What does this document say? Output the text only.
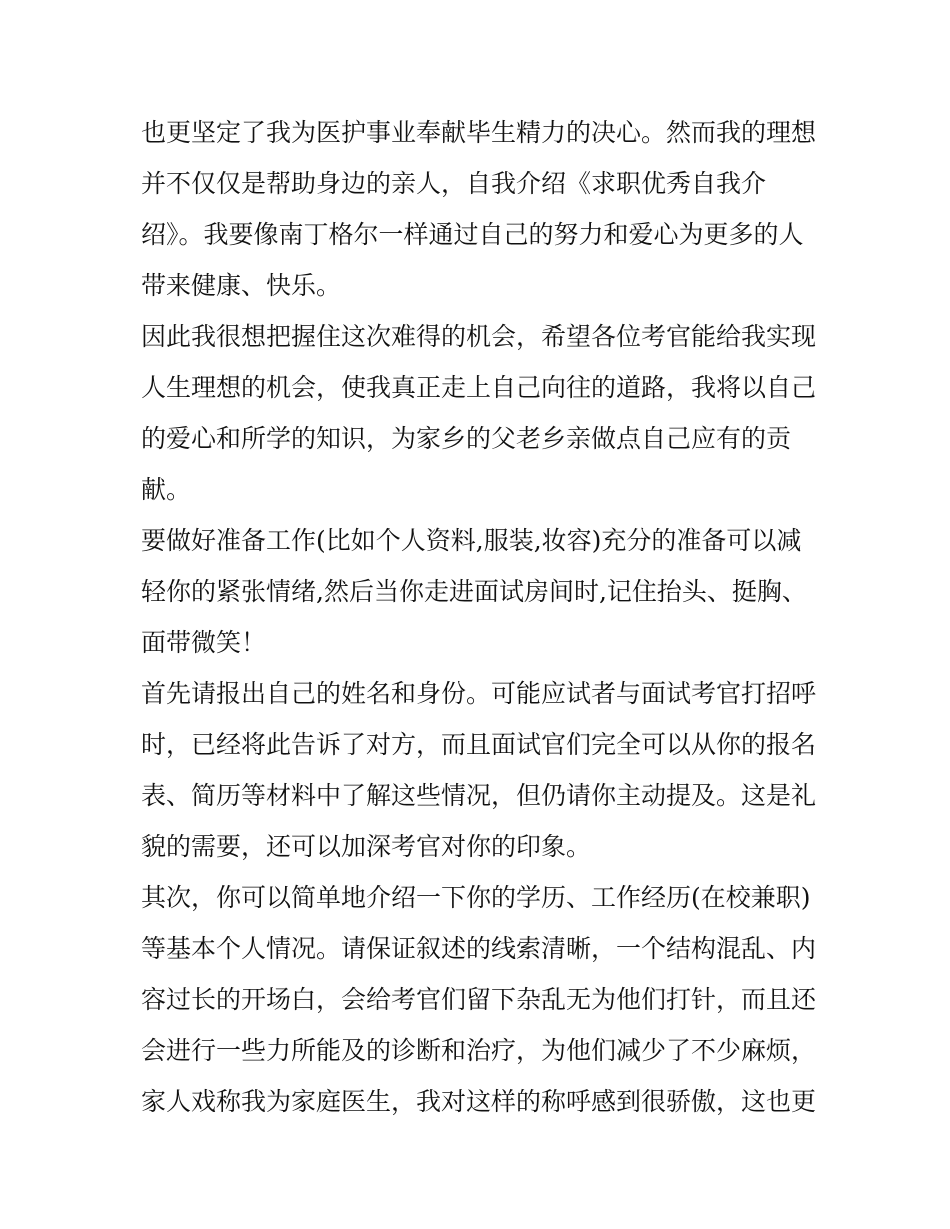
也更坚定了我为医护事业奉献毕生精力的决心。然而我的理想
并不仅仅是帮助身边的亲人，自我介绍《求职优秀自我介
绍》。我要像南丁格尔一样通过自己的努力和爱心为更多的人
带来健康、快乐。
因此我很想把握住这次难得的机会，希望各位考官能给我实现
人生理想的机会，使我真正走上自己向往的道路，我将以自己
的爱心和所学的知识，为家乡的父老乡亲做点自己应有的贡
献。
要做好准备工作(比如个人资料,服装,妆容)充分的准备可以减
轻你的紧张情绪,然后当你走进面试房间时,记住抬头、挺胸、
面带微笑！
首先请报出自己的姓名和身份。可能应试者与面试考官打招呼
时，已经将此告诉了对方，而且面试官们完全可以从你的报名
表、简历等材料中了解这些情况，但仍请你主动提及。这是礼
貌的需要，还可以加深考官对你的印象。
其次，你可以简单地介绍一下你的学历、工作经历(在校兼职)
等基本个人情况。请保证叙述的线索清晰，一个结构混乱、内
容过长的开场白，会给考官们留下杂乱无为他们打针，而且还
会进行一些力所能及的诊断和治疗，为他们减少了不少麻烦，
家人戏称我为家庭医生，我对这样的称呼感到很骄傲，这也更
